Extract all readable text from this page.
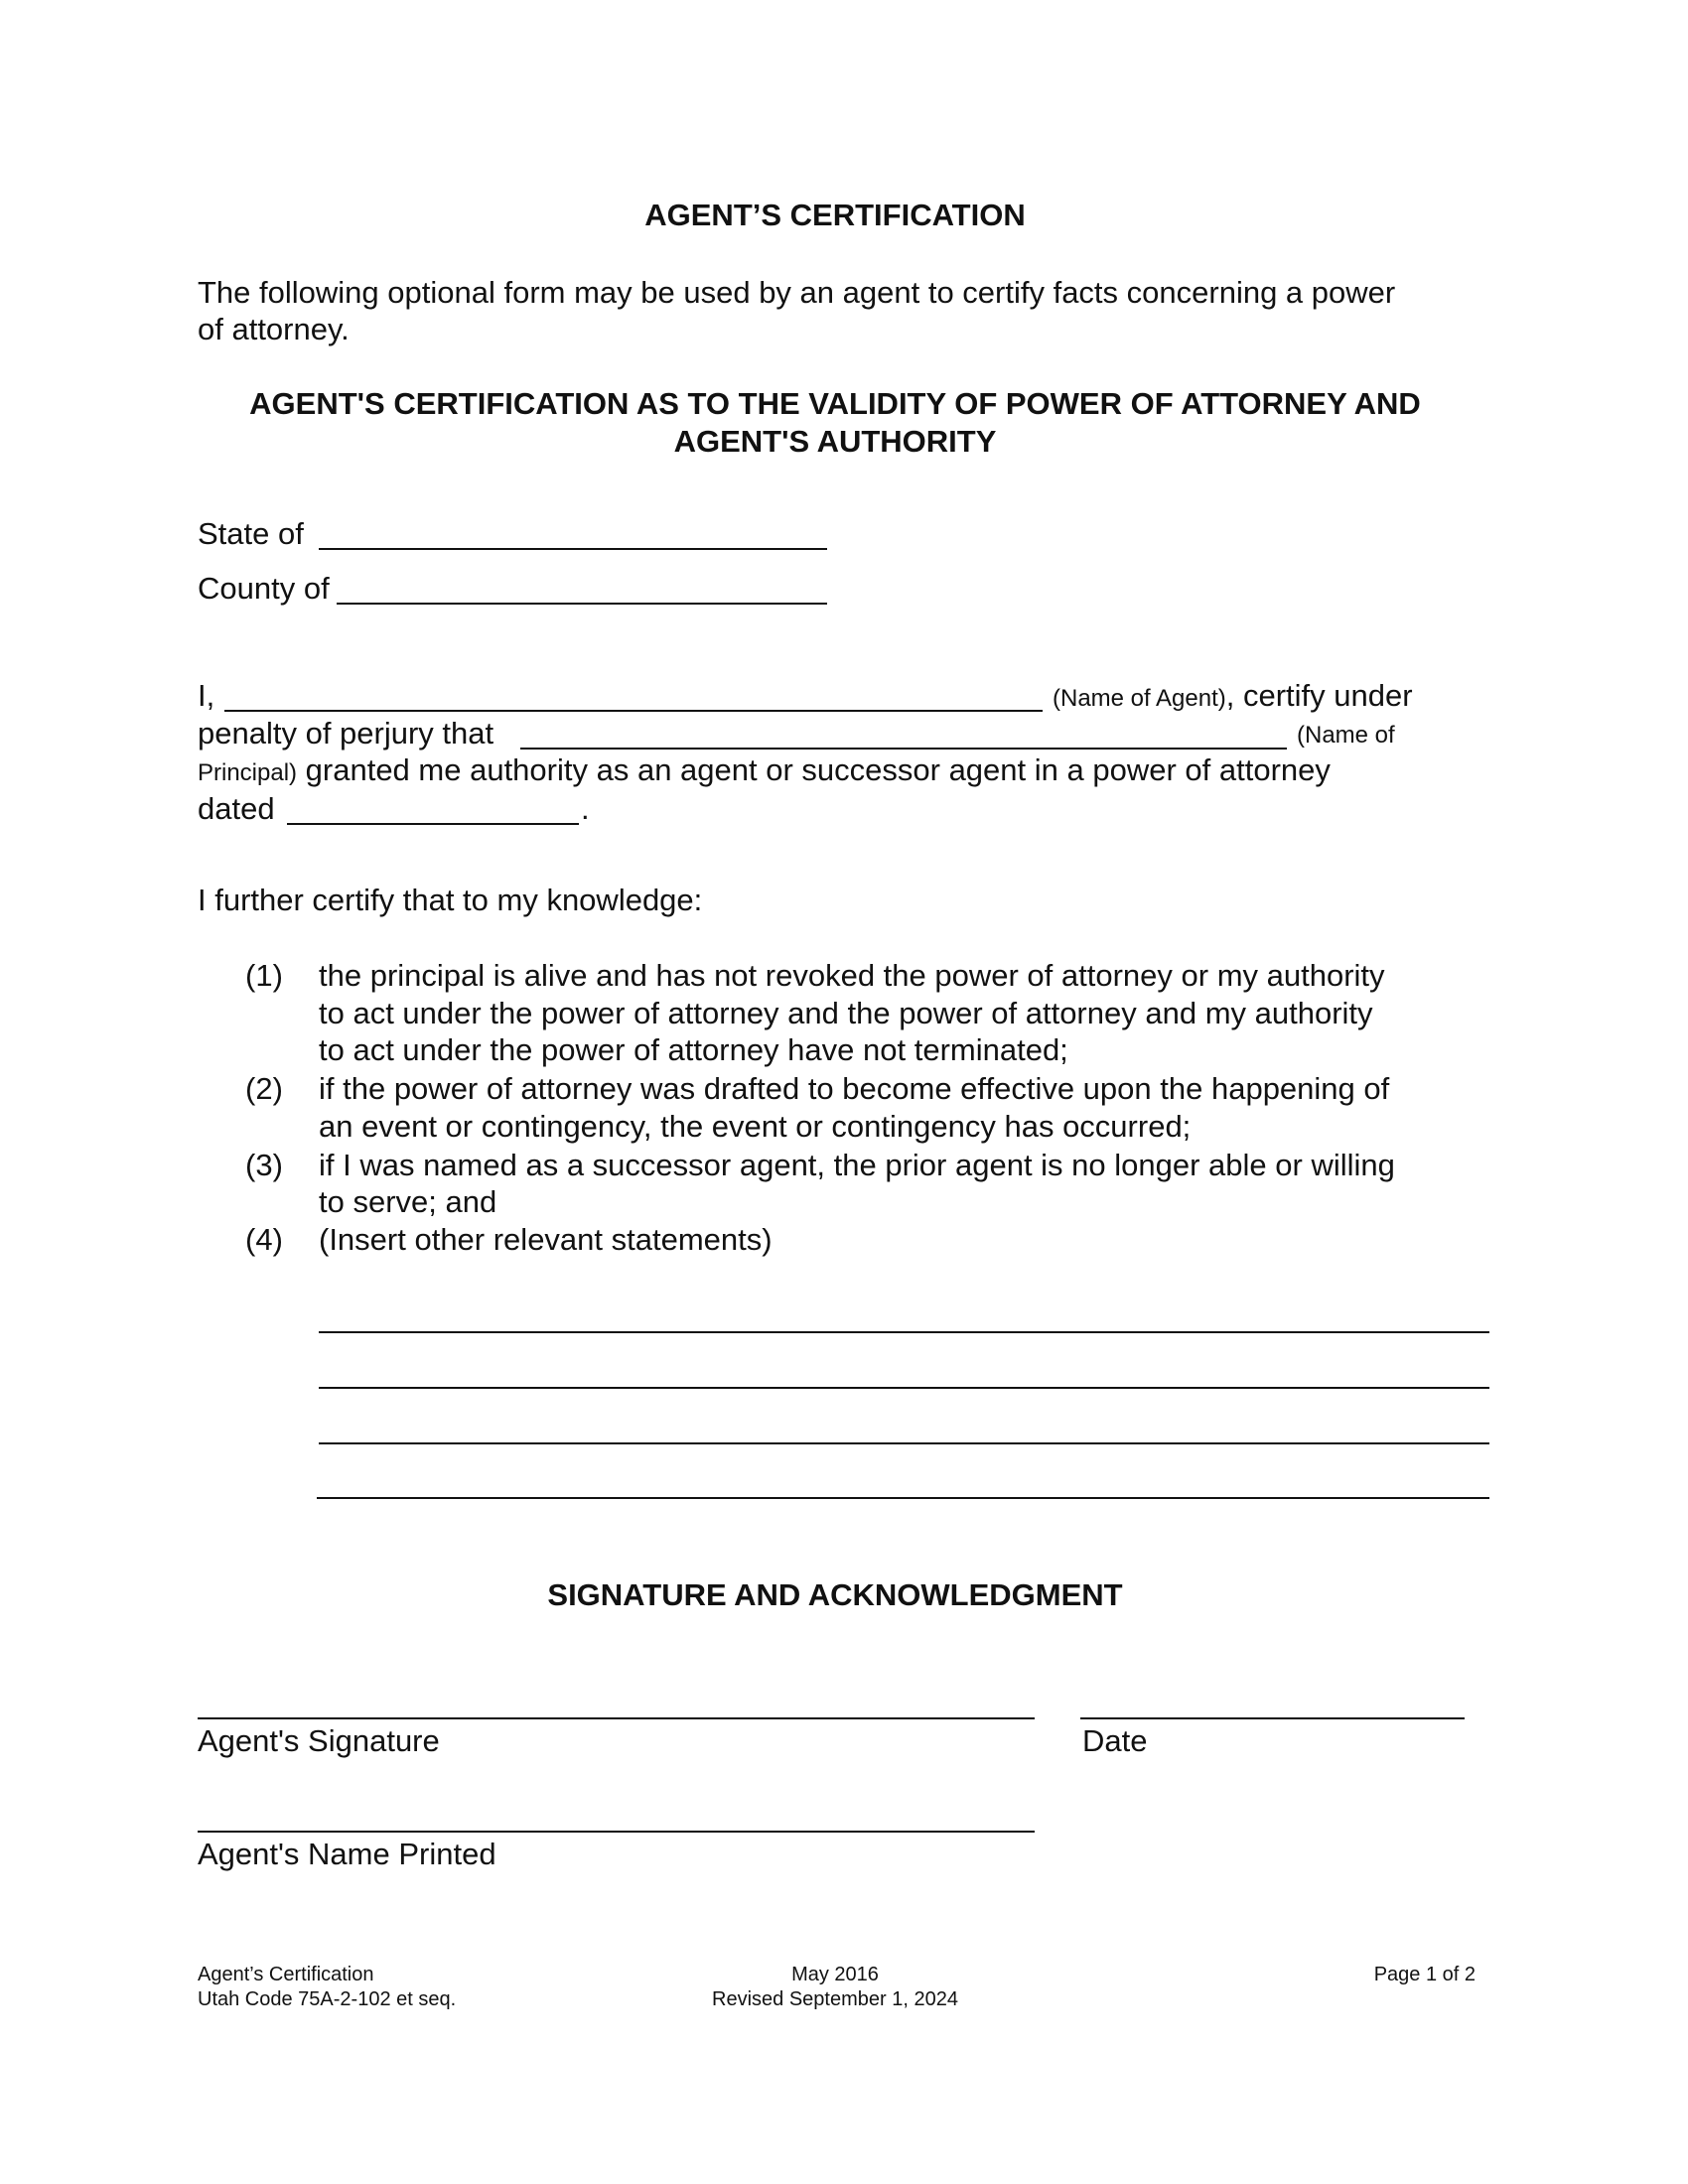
AGENT’S CERTIFICATION
The following optional form may be used by an agent to certify facts concerning a power
of attorney.
AGENT'S CERTIFICATION AS TO THE VALIDITY OF POWER OF ATTORNEY AND
AGENT'S AUTHORITY
State of
County of
I,	(Name of Agent), certify under
penalty of perjury that	(Name of
Principal) granted me authority as an agent or successor agent in a power of attorney
dated	.
I further certify that to my knowledge:
(1) the principal is alive and has not revoked the power of attorney or my authority
to act under the power of attorney and the power of attorney and my authority
to act under the power of attorney have not terminated;
(2) if the power of attorney was drafted to become effective upon the happening of
an event or contingency, the event or contingency has occurred;
(3) if I was named as a successor agent, the prior agent is no longer able or willing
to serve; and
(4) (Insert other relevant statements)
SIGNATURE AND ACKNOWLEDGMENT
Agent's Signature	Date
Agent's Name Printed
Agent’s Certification
Utah Code 75A-2-102 et seq.
May 2016
Revised September 1, 2024
Page 1 of 2
